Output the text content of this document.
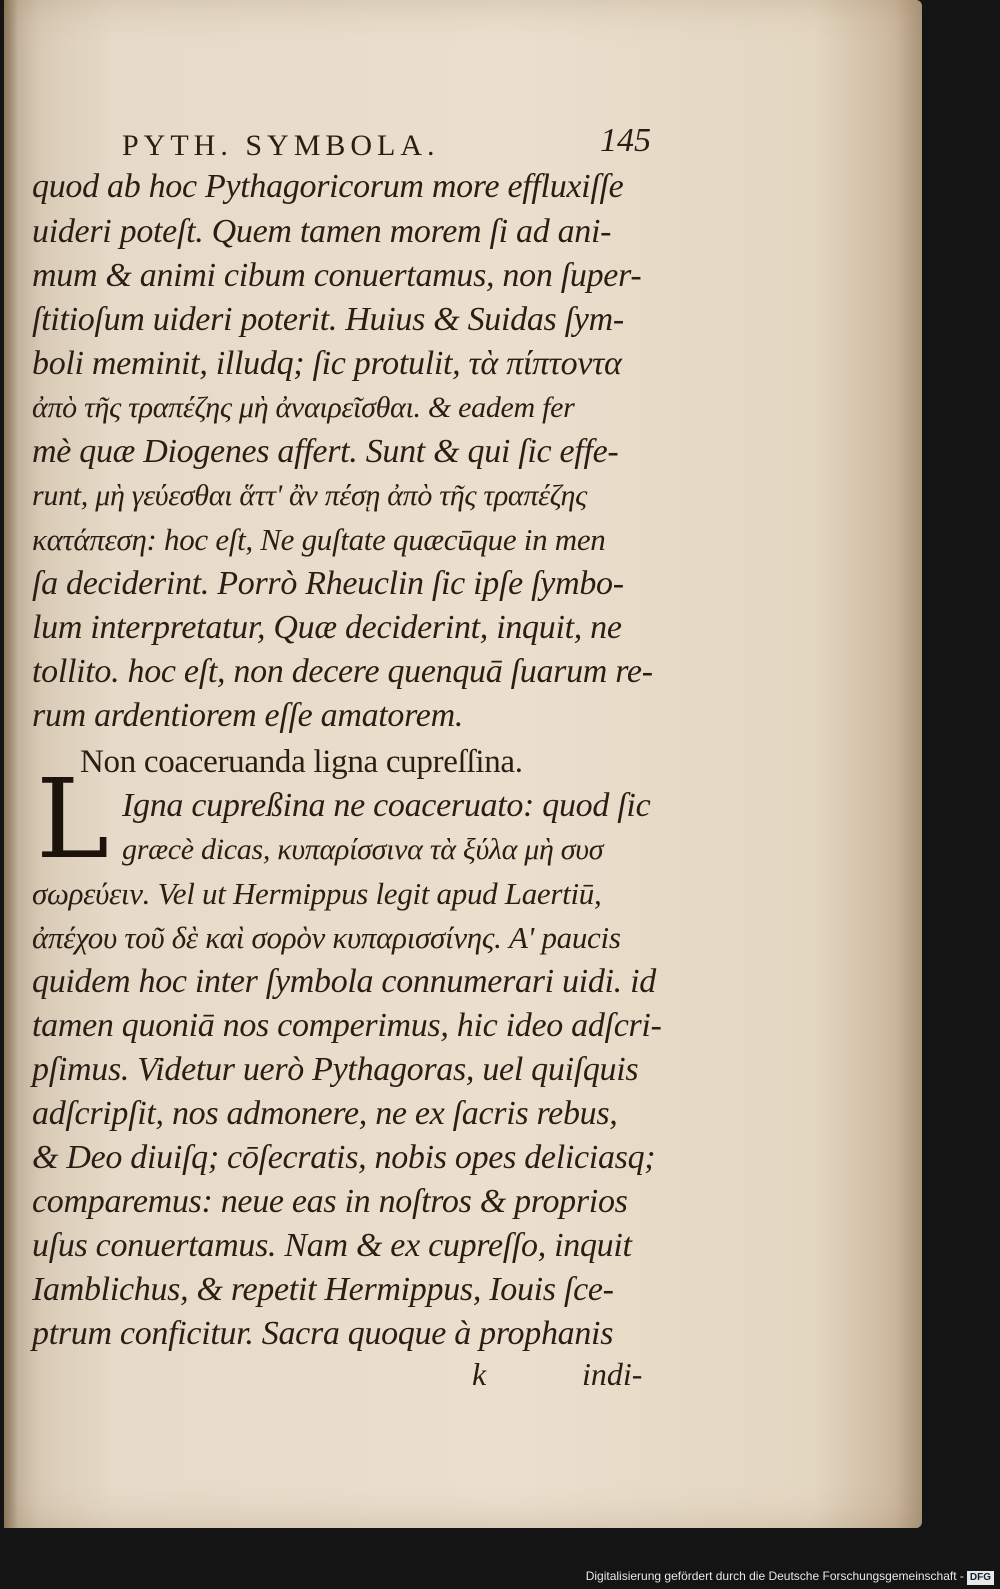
PYTH. SYMBOLA.	145
quod ab hoc Pythagoricorum more effluxiſſe
uideri poteſt. Quem tamen morem ſi ad ani-
mum & animi cibum conuertamus, non ſuper-
ſtitioſum uideri poterit. Huius & Suidas ſym-
boli meminit, illudq; ſic protulit, τὰ πίπτοντα
ἀπὸ τῆς τραπέζης μὴ ἀναιρεῖσθαι. & eadem fer
mè quæ Diogenes affert. Sunt & qui ſic effe-
runt, μὴ γεύεσθαι ἅττ' ἂν πέσῃ ἀπὸ τῆς τραπέζης
κατάπεση: hoc eſt, Ne guſtate quæcūque in men
ſa deciderint. Porrò Rheuclin ſic ipſe ſymbo-
lum interpretatur, Quæ deciderint, inquit, ne
tollito. hoc eſt, non decere quenquā ſuarum re-
rum ardentiorem eſſe amatorem.
Non coaceruanda ligna cupreſſina.
L Igna cupreßina ne coaceruato: quod ſic
græcè dicas, κυπαρίσσινα τὰ ξύλα μὴ συσ
σωρεύειν. Vel ut Hermippus legit apud Laertiū,
ἀπέχου τοῦ δὲ καὶ σορὸν κυπαρισσίνης. A' paucis
quidem hoc inter ſymbola connumerari uidi. id
tamen quoniā nos comperimus, hic ideo adſcri-
pſimus. Videtur uerò Pythagoras, uel quiſquis
adſcripſit, nos admonere, ne ex ſacris rebus,
& Deo diuiſq; cōſecratis, nobis opes deliciasq;
comparemus: neue eas in noſtros & proprios
uſus conuertamus. Nam & ex cupreſſo, inquit
Iamblichus, & repetit Hermippus, Iouis ſce-
ptrum conficitur. Sacra quoque à prophanis
k	indi-
Digitalisierung gefördert durch die Deutsche Forschungsgemeinschaft - DFG
